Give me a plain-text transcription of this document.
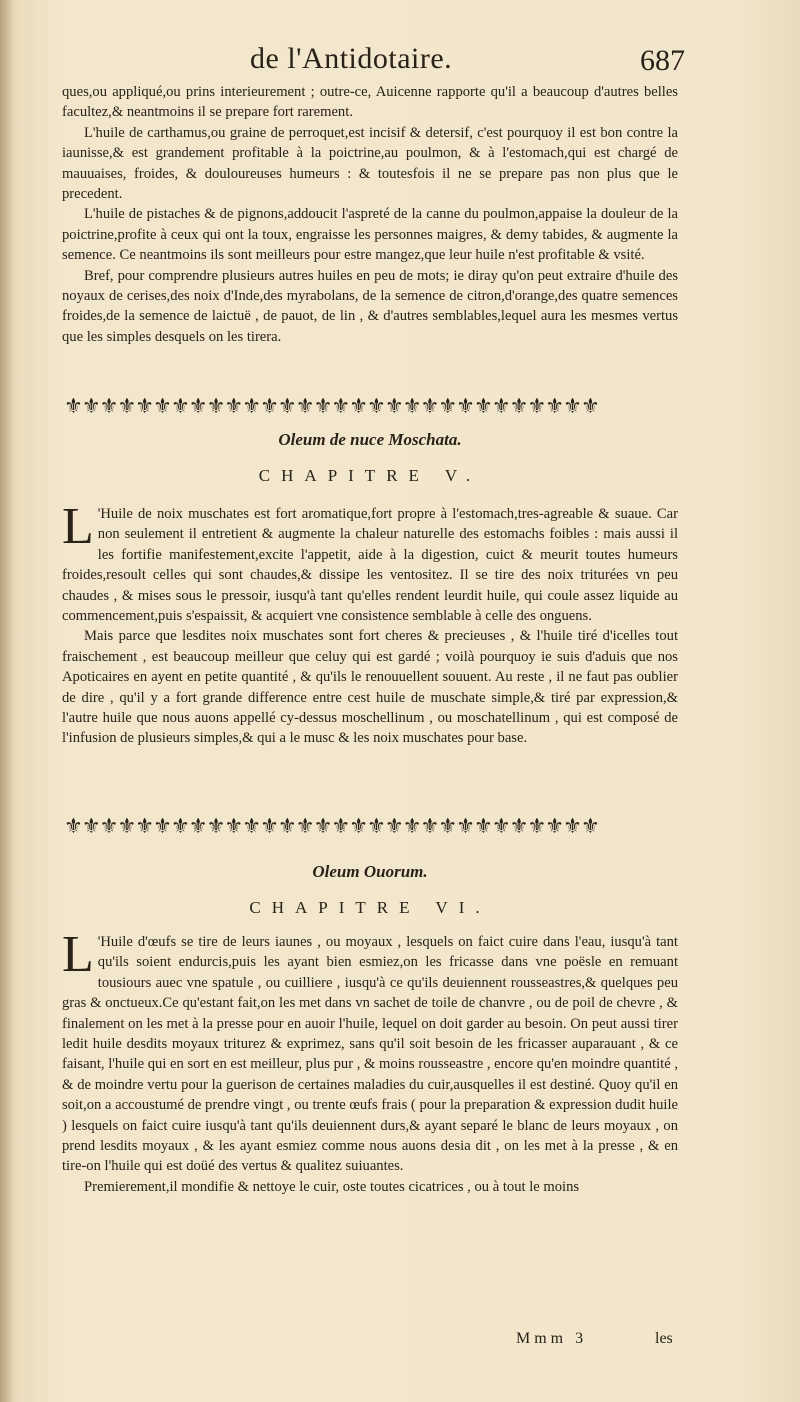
de l'Antidotaire.	687

ques,ou appliqué,ou prins interieurement ; outre-ce, Auicenne rapporte qu'il a beaucoup d'autres belles facultez,& neantmoins il se prepare fort rarement.

L'huile de carthamus,ou graine de perroquet,est incisif & detersif, c'est pourquoy il est bon contre la iaunisse,& est grandement profitable à la poictrine,au poulmon, & à l'estomach,qui est chargé de mauuaises, froides, & douloureuses humeurs : & toutesfois il ne se prepare pas non plus que le precedent.

L'huile de pistaches & de pignons,addoucit l'aspreté de la canne du poulmon,appaise la douleur de la poictrine,profite à ceux qui ont la toux, engraisse les personnes maigres, & demy tabides, & augmente la semence. Ce neantmoins ils sont meilleurs pour estre mangez,que leur huile n'est profitable & vsité.

Bref, pour comprendre plusieurs autres huiles en peu de mots; ie diray qu'on peut extraire d'huile des noyaux de cerises,des noix d'Inde,des myrabolans, de la semence de citron,d'orange,des quatre semences froides,de la semence de laictuë , de pauot, de lin , & d'autres semblables,lequel aura les mesmes vertus que les simples desquels on les tirera.

⚜⚜⚜⚜⚜⚜⚜⚜⚜⚜⚜⚜⚜⚜⚜⚜⚜⚜⚜⚜⚜⚜⚜⚜⚜⚜⚜⚜⚜⚜
Oleum de nuce Moschata.
CHAPITRE V.

L 'Huile de noix muschates est fort aromatique,fort propre à l'estomach,tres-agreable & suaue. Car non seulement il entretient & augmente la chaleur naturelle des estomachs foibles : mais aussi il les fortifie manifestement,excite l'appetit, aide à la digestion, cuict & meurit toutes humeurs froides,resoult celles qui sont chaudes,& dissipe les ventositez. Il se tire des noix triturées vn peu chaudes , & mises sous le pressoir, iusqu'à tant qu'elles rendent leurdit huile, qui coule assez liquide au commencement,puis s'espaissit, & acquiert vne consistence semblable à celle des onguens.

Mais parce que lesdites noix muschates sont fort cheres & precieuses , & l'huile tiré d'icelles tout fraischement , est beaucoup meilleur que celuy qui est gardé ; voilà pourquoy ie suis d'aduis que nos Apoticaires en ayent en petite quantité , & qu'ils le renouuellent souuent. Au reste , il ne faut pas oublier de dire , qu'il y a fort grande difference entre cest huile de muschate simple,& tiré par expression,& l'autre huile que nous auons appellé cy-dessus moschellinum , ou moschatellinum , qui est composé de l'infusion de plusieurs simples,& qui a le musc & les noix muschates pour base.

⚜⚜⚜⚜⚜⚜⚜⚜⚜⚜⚜⚜⚜⚜⚜⚜⚜⚜⚜⚜⚜⚜⚜⚜⚜⚜⚜⚜⚜⚜
Oleum Ouorum.
CHAPITRE VI.

L 'Huile d'œufs se tire de leurs iaunes , ou moyaux , lesquels on faict cuire dans l'eau, iusqu'à tant qu'ils soient endurcis,puis les ayant bien esmiez,on les fricasse dans vne poësle en remuant tousiours auec vne spatule , ou cuilliere , iusqu'à ce qu'ils deuiennent rousseastres,& quelques peu gras & onctueux.Ce qu'estant fait,on les met dans vn sachet de toile de chanvre , ou de poil de chevre , & finalement on les met à la presse pour en auoir l'huile, lequel on doit garder au besoin. On peut aussi tirer ledit huile desdits moyaux triturez & exprimez, sans qu'il soit besoin de les fricasser auparauant , & ce faisant, l'huile qui en sort en est meilleur, plus pur , & moins rousseastre , encore qu'en moindre quantité , & de moindre vertu pour la guerison de certaines maladies du cuir,ausquelles il est destiné. Quoy qu'il en soit,on a accoustumé de prendre vingt , ou trente œufs frais ( pour la preparation & expression dudit huile ) lesquels on faict cuire iusqu'à tant qu'ils deuiennent durs,& ayant separé le blanc de leurs moyaux , on prend lesdits moyaux , & les ayant esmiez comme nous auons desia dit , on les met à la presse , & en tire-on l'huile qui est doüé des vertus & qualitez suiuantes.

Premierement,il mondifie & nettoye le cuir, oste toutes cicatrices , ou à tout le moins

Mmm 3	les
